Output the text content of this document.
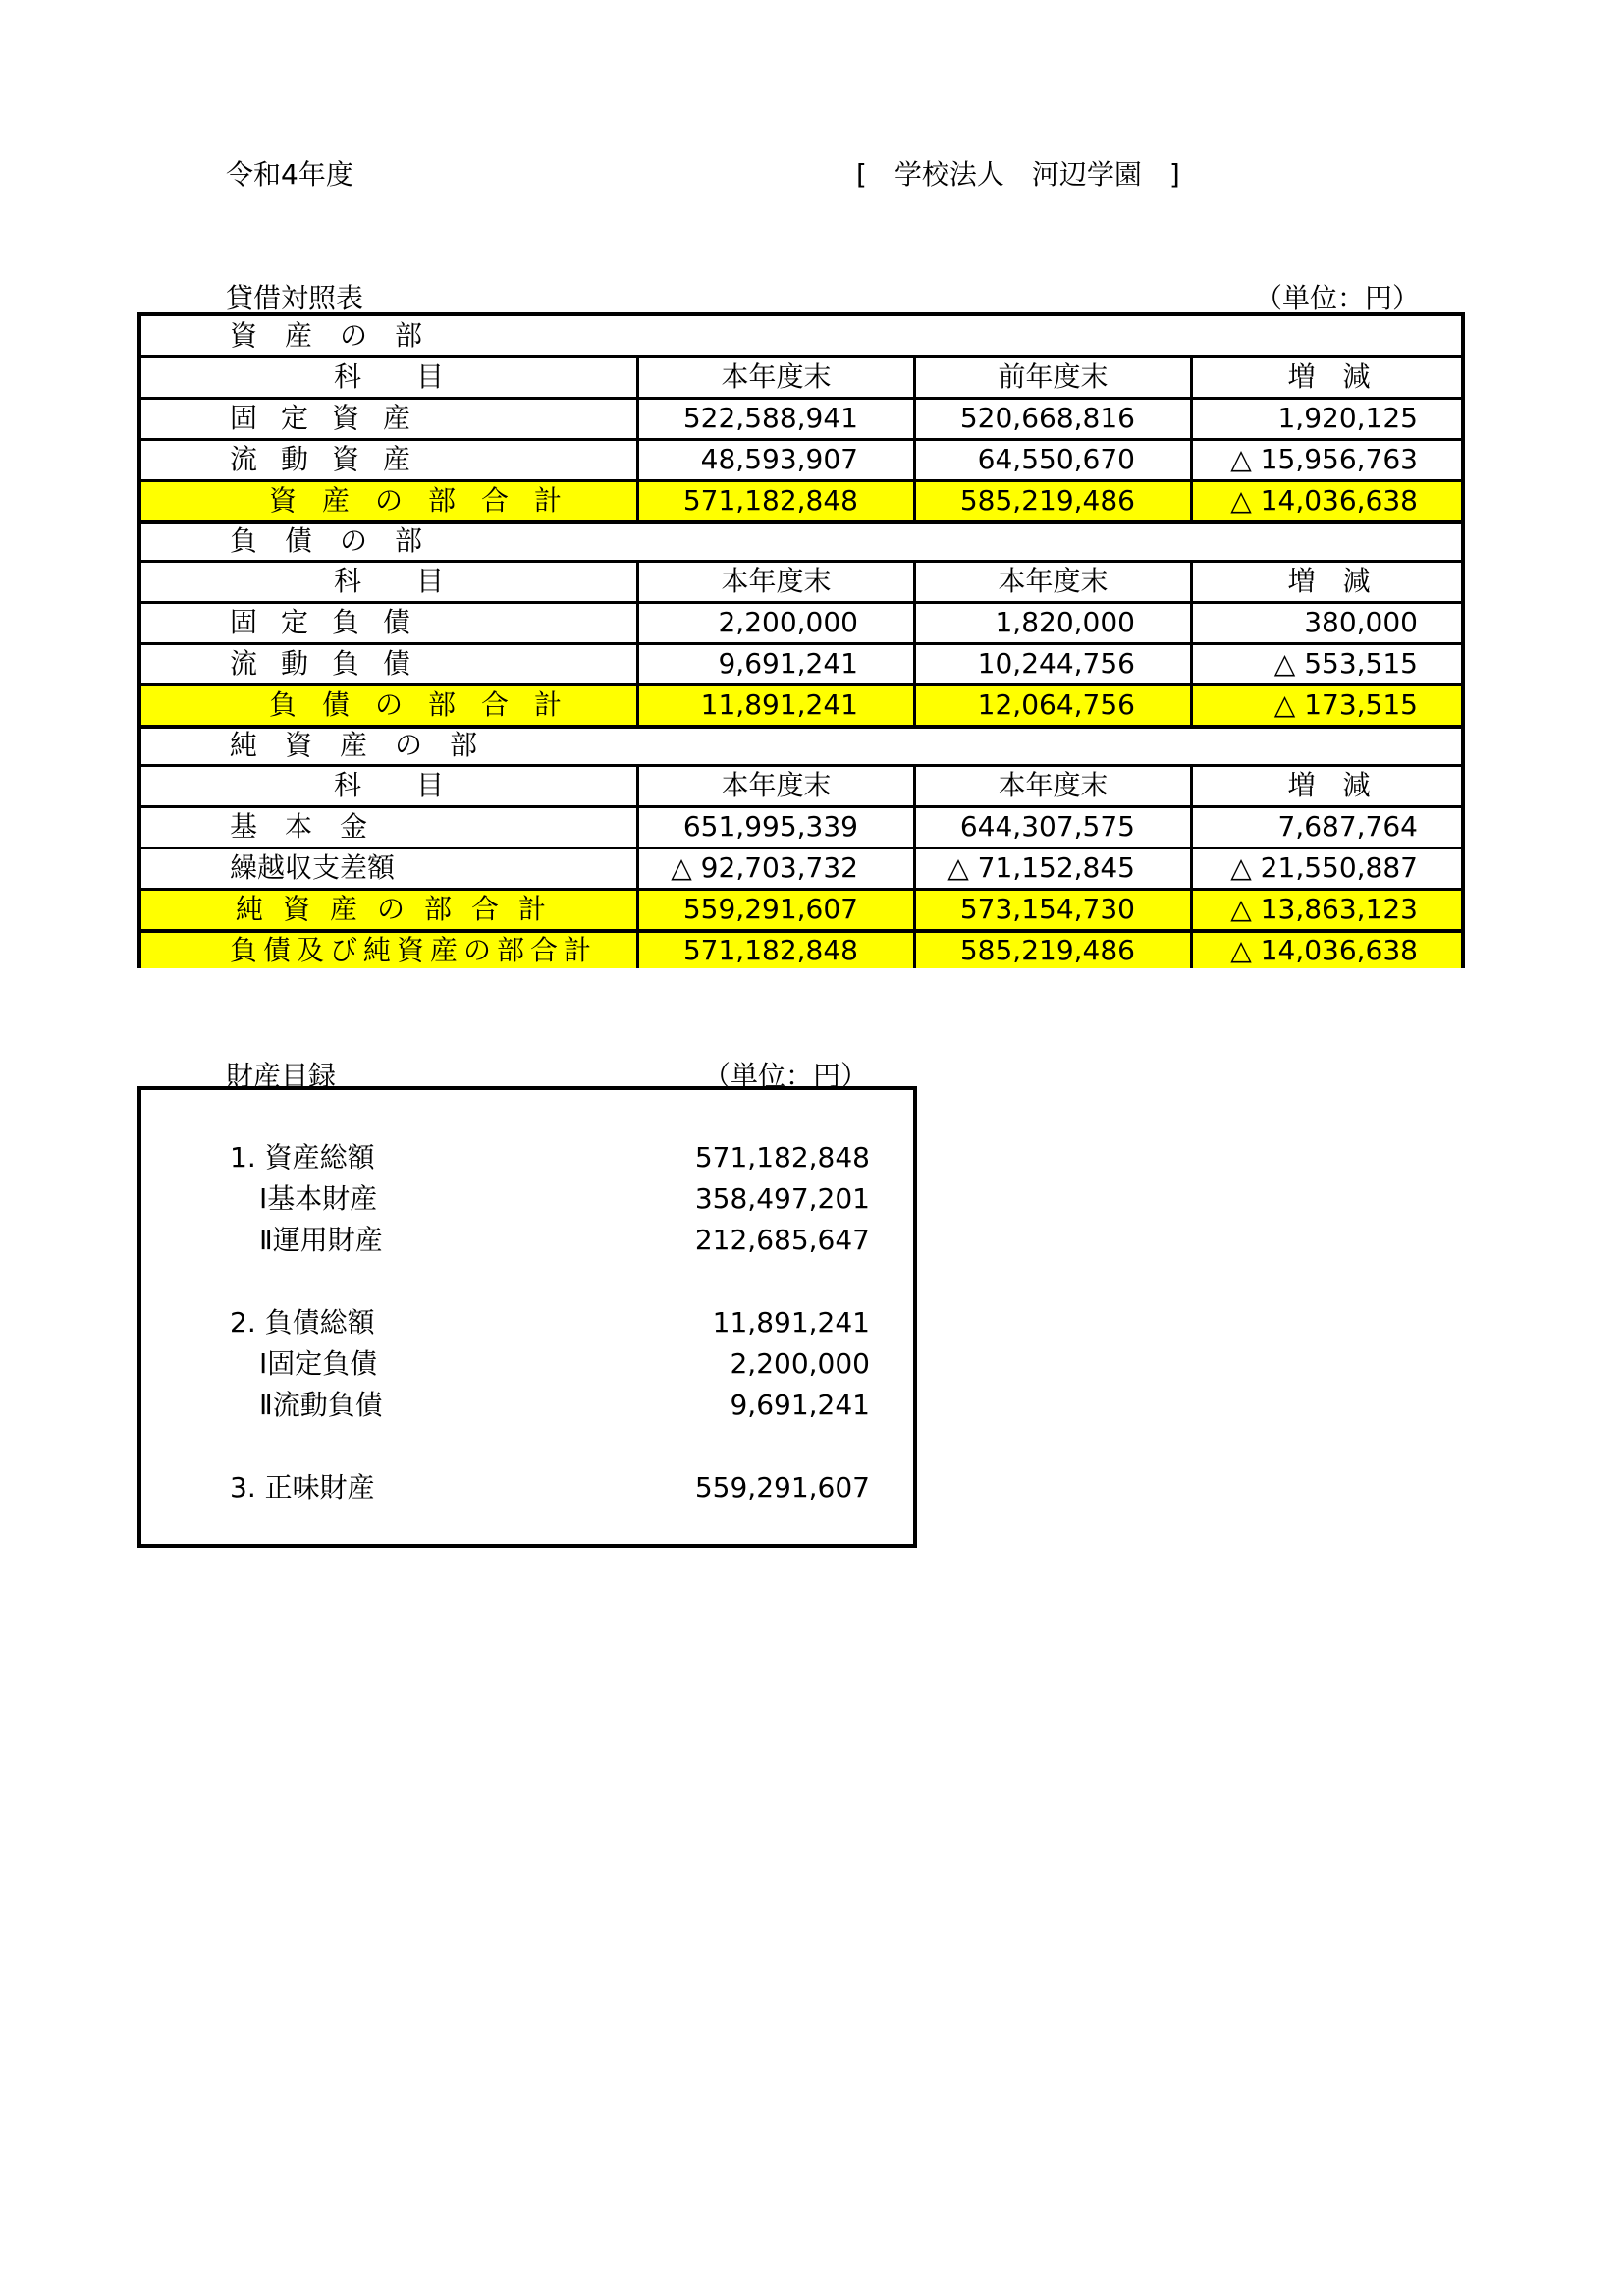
令和4年度	[　学校法人　河辺学園　]
貸借対照表	（単位：円）
資　産　の　部
科　　目	本年度末	前年度末	増　減
固定資産	522,588,941	520,668,816	1,920,125
流動資産	48,593,907	64,550,670	△ 15,956,763
資産の部合計	571,182,848	585,219,486	△ 14,036,638
負　債　の　部
科　　目	本年度末	本年度末	増　減
固定負債	2,200,000	1,820,000	380,000
流動負債	9,691,241	10,244,756	△ 553,515
負債の部合計	11,891,241	12,064,756	△ 173,515
純　資　産　の　部
科　　目	本年度末	本年度末	増　減
基　本　金	651,995,339	644,307,575	7,687,764
繰越収支差額	△ 92,703,732	△ 71,152,845	△ 21,550,887
純資産の部合計	559,291,607	573,154,730	△ 13,863,123
負債及び純資産の部合計	571,182,848	585,219,486	△ 14,036,638
財産目録	（単位：円）
1. 資産総額	571,182,848
Ⅰ基本財産	358,497,201
Ⅱ運用財産	212,685,647
2. 負債総額	11,891,241
Ⅰ固定負債	2,200,000
Ⅱ流動負債	9,691,241
3. 正味財産	559,291,607
